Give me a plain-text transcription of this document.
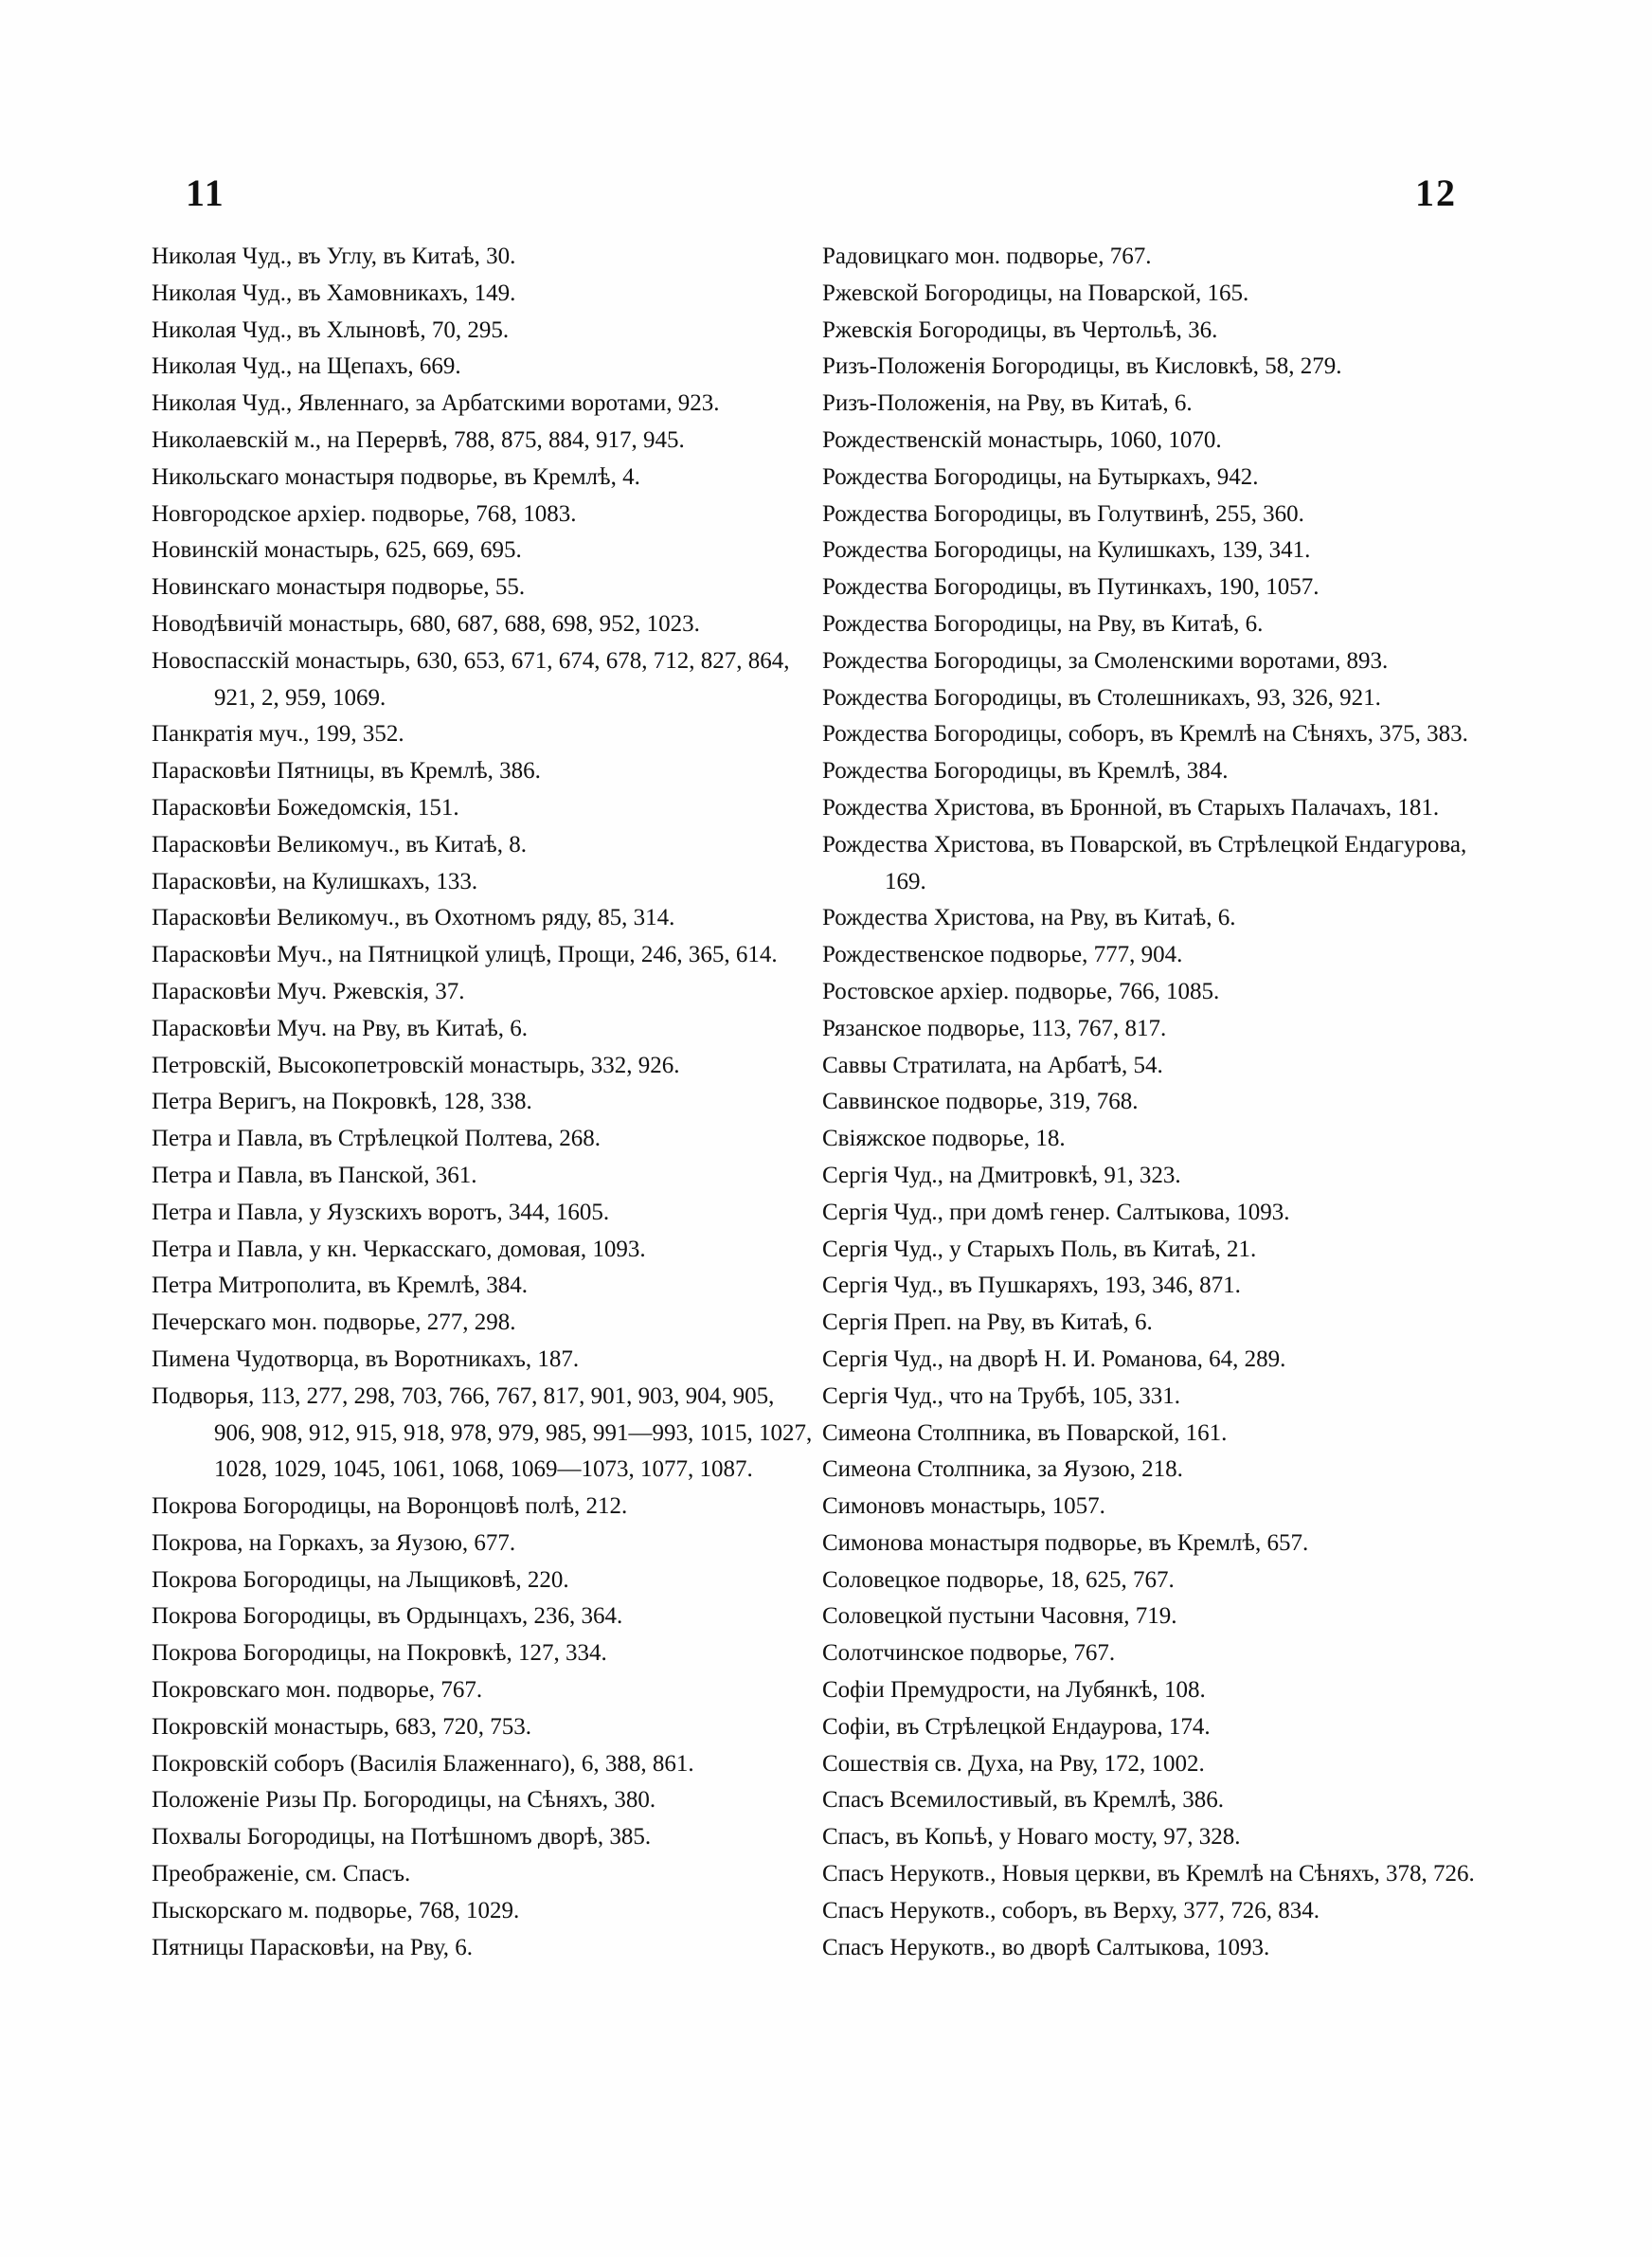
11	12

Николая Чуд., въ Углу, въ Китаѣ, 30.

Николая Чуд., въ Хамовникахъ, 149.

Николая Чуд., въ Хлыновѣ, 70, 295.

Николая Чуд., на Щепахъ, 669.

Николая Чуд., Явленнаго, за Арбатскими воротами, 923.

Николаевскій м., на Перервѣ, 788, 875, 884, 917, 945.

Никольскаго монастыря подворье, въ Кремлѣ, 4.

Новгородское архіер. подворье, 768, 1083.

Новинскій монастырь, 625, 669, 695.

Новинскаго монастыря подворье, 55.

Новодѣвичій монастырь, 680, 687, 688, 698, 952, 1023.

Новоспасскій монастырь, 630, 653, 671, 674, 678, 712, 827, 864, 921, 2, 959, 1069.

Панкратія муч., 199, 352.

Парасковѣи Пятницы, въ Кремлѣ, 386.

Парасковѣи Божедомскія, 151.

Парасковѣи Великомуч., въ Китаѣ, 8.

Парасковѣи, на Кулишкахъ, 133.

Парасковѣи Великомуч., въ Охотномъ ряду, 85, 314.

Парасковѣи Муч., на Пятницкой улицѣ, Прощи, 246, 365, 614.

Парасковѣи Муч. Ржевскія, 37.

Парасковѣи Муч. на Рву, въ Китаѣ, 6.

Петровскій, Высокопетровскій монастырь, 332, 926.

Петра Веригъ, на Покровкѣ, 128, 338.

Петра и Павла, въ Стрѣлецкой Полтева, 268.

Петра и Павла, въ Панской, 361.

Петра и Павла, у Яузскихъ воротъ, 344, 1605.

Петра и Павла, у кн. Черкасскаго, домовая, 1093.

Петра Митрополита, въ Кремлѣ, 384.

Печерскаго мон. подворье, 277, 298.

Пимена Чудотворца, въ Воротникахъ, 187.

Подворья, 113, 277, 298, 703, 766, 767, 817, 901, 903, 904, 905, 906, 908, 912, 915, 918, 978, 979, 985, 991—993, 1015, 1027, 1028, 1029, 1045, 1061, 1068, 1069—1073, 1077, 1087.

Покрова Богородицы, на Воронцовѣ полѣ, 212.

Покрова, на Горкахъ, за Яузою, 677.

Покрова Богородицы, на Лыщиковѣ, 220.

Покрова Богородицы, въ Ордынцахъ, 236, 364.

Покрова Богородицы, на Покровкѣ, 127, 334.

Покровскаго мон. подворье, 767.

Покровскій монастырь, 683, 720, 753.

Покровскій соборъ (Василія Блаженнаго), 6, 388, 861.

Положеніе Ризы Пр. Богородицы, на Сѣняхъ, 380.

Похвалы Богородицы, на Потѣшномъ дворѣ, 385.

Преображеніе, см. Спасъ.

Пыскорскаго м. подворье, 768, 1029.

Пятницы Парасковѣи, на Рву, 6.

Радовицкаго мон. подворье, 767.

Ржевской Богородицы, на Поварской, 165.

Ржевскія Богородицы, въ Чертольѣ, 36.

Ризъ-Положенія Богородицы, въ Кисловкѣ, 58, 279.

Ризъ-Положенія, на Рву, въ Китаѣ, 6.

Рождественскій монастырь, 1060, 1070.

Рождества Богородицы, на Бутыркахъ, 942.

Рождества Богородицы, въ Голутвинѣ, 255, 360.

Рождества Богородицы, на Кулишкахъ, 139, 341.

Рождества Богородицы, въ Путинкахъ, 190, 1057.

Рождества Богородицы, на Рву, въ Китаѣ, 6.

Рождества Богородицы, за Смоленскими воротами, 893.

Рождества Богородицы, въ Столешникахъ, 93, 326, 921.

Рождества Богородицы, соборъ, въ Кремлѣ на Сѣняхъ, 375, 383.

Рождества Богородицы, въ Кремлѣ, 384.

Рождества Христова, въ Бронной, въ Старыхъ Палачахъ, 181.

Рождества Христова, въ Поварской, въ Стрѣлецкой Ендагурова, 169.

Рождества Христова, на Рву, въ Китаѣ, 6.

Рождественское подворье, 777, 904.

Ростовское архіер. подворье, 766, 1085.

Рязанское подворье, 113, 767, 817.

Саввы Стратилата, на Арбатѣ, 54.

Саввинское подворье, 319, 768.

Свіяжское подворье, 18.

Сергія Чуд., на Дмитровкѣ, 91, 323.

Сергія Чуд., при домѣ генер. Салтыкова, 1093.

Сергія Чуд., у Старыхъ Поль, въ Китаѣ, 21.

Сергія Чуд., въ Пушкаряхъ, 193, 346, 871.

Сергія Преп. на Рву, въ Китаѣ, 6.

Сергія Чуд., на дворѣ Н. И. Романова, 64, 289.

Сергія Чуд., что на Трубѣ, 105, 331.

Симеона Столпника, въ Поварской, 161.

Симеона Столпника, за Яузою, 218.

Симоновъ монастырь, 1057.

Симонова монастыря подворье, въ Кремлѣ, 657.

Соловецкое подворье, 18, 625, 767.

Соловецкой пустыни Часовня, 719.

Солотчинское подворье, 767.

Софіи Премудрости, на Лубянкѣ, 108.

Софіи, въ Стрѣлецкой Ендаурова, 174.

Сошествія св. Духа, на Рву, 172, 1002.

Спасъ Всемилостивый, въ Кремлѣ, 386.

Спасъ, въ Копьѣ, у Новаго мосту, 97, 328.

Спасъ Нерукотв., Новыя церкви, въ Кремлѣ на Сѣняхъ, 378, 726.

Спасъ Нерукотв., соборъ, въ Верху, 377, 726, 834.

Спасъ Нерукотв., во дворѣ Салтыкова, 1093.
